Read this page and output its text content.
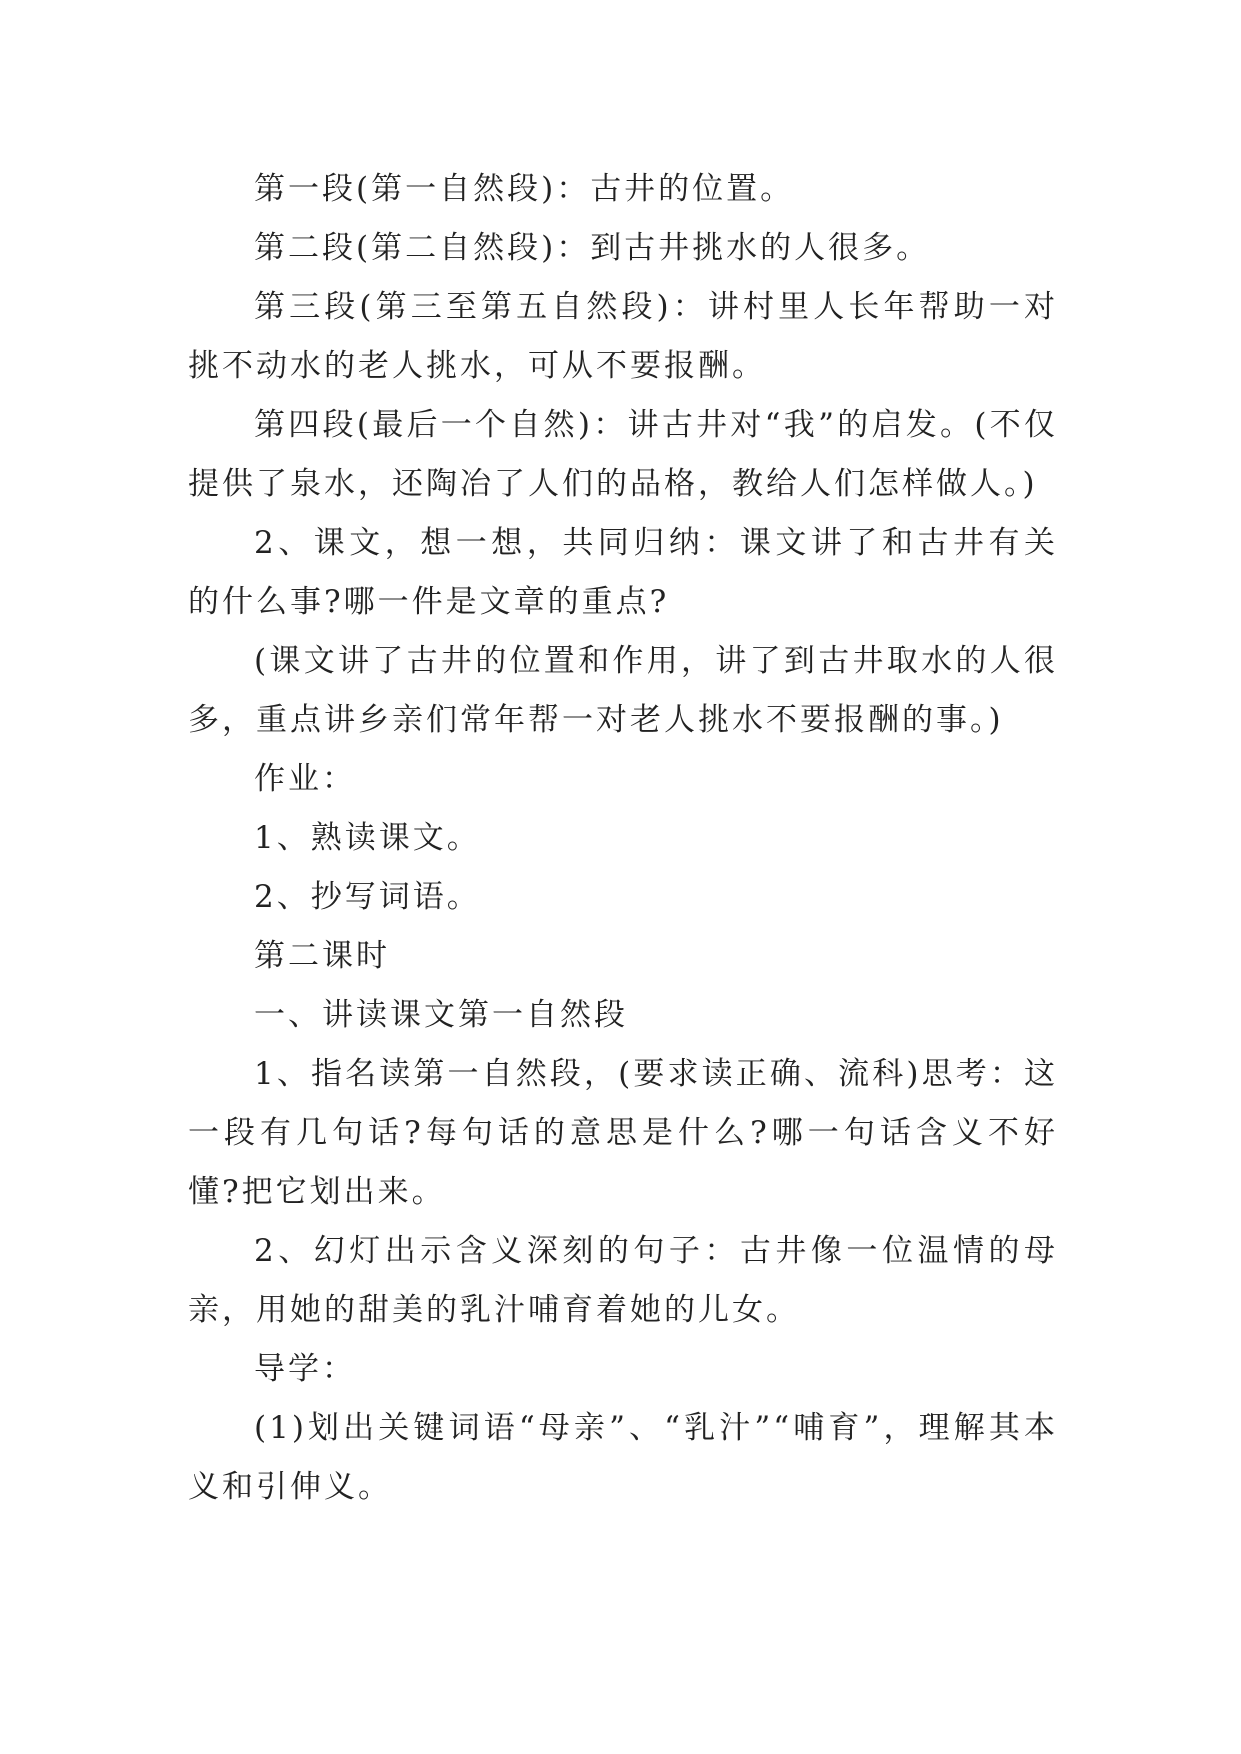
第一段(第一自然段)：古井的位置。

第二段(第二自然段)：到古井挑水的人很多。

第三段(第三至第五自然段)：讲村里人长年帮助一对挑不动水的老人挑水，可从不要报酬。

第四段(最后一个自然)：讲古井对“我”的启发。(不仅提供了泉水，还陶冶了人们的品格，教给人们怎样做人。)

2、课文，想一想，共同归纳：课文讲了和古井有关的什么事?哪一件是文章的重点?

(课文讲了古井的位置和作用，讲了到古井取水的人很多，重点讲乡亲们常年帮一对老人挑水不要报酬的事。)

作业：

1、熟读课文。

2、抄写词语。

第二课时

一、讲读课文第一自然段

1、指名读第一自然段，(要求读正确、流科)思考：这一段有几句话?每句话的意思是什么?哪一句话含义不好懂?把它划出来。

2、幻灯出示含义深刻的句子：古井像一位温情的母亲，用她的甜美的乳汁哺育着她的儿女。

导学：

(1)划出关键词语“母亲”、“乳汁”“哺育”，理解其本义和引伸义。
